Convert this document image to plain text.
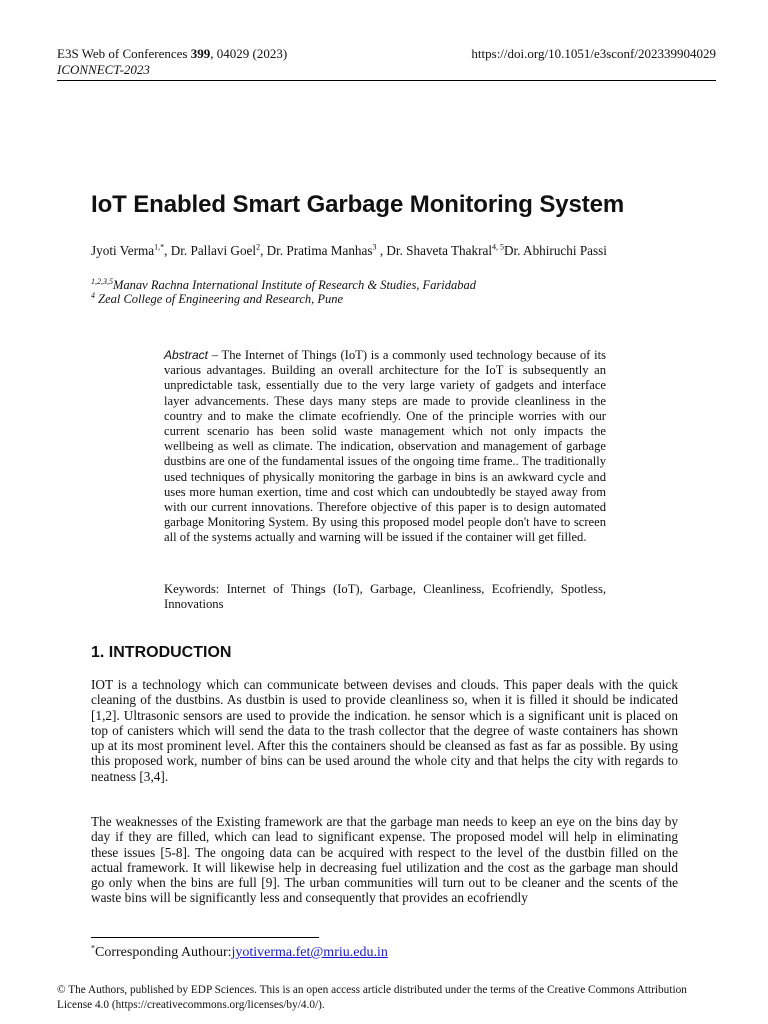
E3S Web of Conferences 399, 04029 (2023)
ICONNECT-2023
https://doi.org/10.1051/e3sconf/202339904029
IoT Enabled Smart Garbage Monitoring System
Jyoti Verma$^{1,*}$, Dr. Pallavi Goel$^2$, Dr. Pratima Manhas$^3$ , Dr. Shaveta Thakral$^{4, 5}$Dr. Abhiruchi Passi
$^{1,2,3,5}$Manav Rachna International Institute of Research & Studies, Faridabad
$^4$ Zeal College of Engineering and Research, Pune

Abstract – The Internet of Things (IoT) is a commonly used technology because of its various advantages. Building an overall architecture for the IoT is subsequently an unpredictable task, essentially due to the very large variety of gadgets and interface layer advancements. These days many steps are made to provide cleanliness in the country and to make the climate ecofriendly. One of the principle worries with our current scenario has been solid waste management which not only impacts the wellbeing as well as climate. The indication, observation and management of garbage dustbins are one of the fundamental issues of the ongoing time frame.. The traditionally used techniques of physically monitoring the garbage in bins is an awkward cycle and uses more human exertion, time and cost which can undoubtedly be stayed away from with our current innovations. Therefore objective of this paper is to design automated garbage Monitoring System. By using this proposed model people don't have to screen all of the systems actually and warning will be issued if the container will get filled.

Keywords: Internet of Things (IoT), Garbage, Cleanliness, Ecofriendly, Spotless, Innovations

1. INTRODUCTION

IOT is a technology which can communicate between devises and clouds. This paper deals with the quick cleaning of the dustbins. As dustbin is used to provide cleanliness so, when it is filled it should be indicated [1,2]. Ultrasonic sensors are used to provide the indication. he sensor which is a significant unit is placed on top of canisters which will send the data to the trash collector that the degree of waste containers has shown up at its most prominent level. After this the containers should be cleansed as fast as far as possible. By using this proposed work, number of bins can be used around the whole city and that helps the city with regards to neatness [3,4].

The weaknesses of the Existing framework are that the garbage man needs to keep an eye on the bins day by day if they are filled, which can lead to significant expense. The proposed model will help in eliminating these issues [5-8]. The ongoing data can be acquired with respect to the level of the dustbin filled on the actual framework. It will likewise help in decreasing fuel utilization and the cost as the garbage man should go only when the bins are full [9]. The urban communities will turn out to be cleaner and the scents of the waste bins will be significantly less and consequently that provides an ecofriendly

*Corresponding Authour:jyotiverma.fet@mriu.edu.in

© The Authors, published by EDP Sciences. This is an open access article distributed under the terms of the Creative Commons Attribution License 4.0 (https://creativecommons.org/licenses/by/4.0/).
